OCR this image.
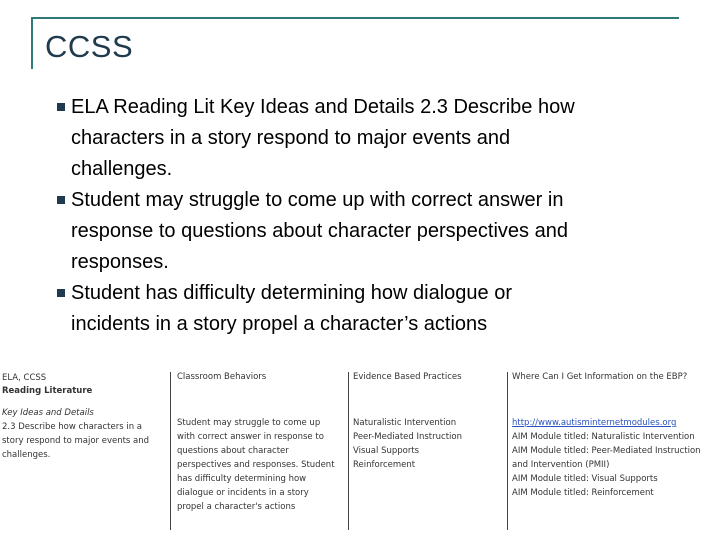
CCSS
ELA Reading Lit Key Ideas and Details 2.3 Describe how
characters in a story respond to major events and
challenges.
Student may struggle to come up with correct answer in
response to questions about character perspectives and
responses.
Student has difficulty determining how dialogue or
incidents in a story propel a character’s actions
ELA, CCSS
Reading Literature
Key Ideas and Details
2.3 Describe how characters in a
story respond to major events and
challenges.
Classroom Behaviors
Student may struggle to come up
with correct answer in response to
questions about character
perspectives and responses. Student
has difficulty determining how
dialogue or incidents in a story
propel a character's actions
Evidence Based Practices
Naturalistic Intervention
Peer-Mediated Instruction
Visual Supports
Reinforcement
Where Can I Get Information on the EBP?
http://www.autisminternetmodules.org
AIM Module titled: Naturalistic Intervention
AIM Module titled: Peer-Mediated Instruction
and Intervention (PMII)
AIM Module titled: Visual Supports
AIM Module titled: Reinforcement
